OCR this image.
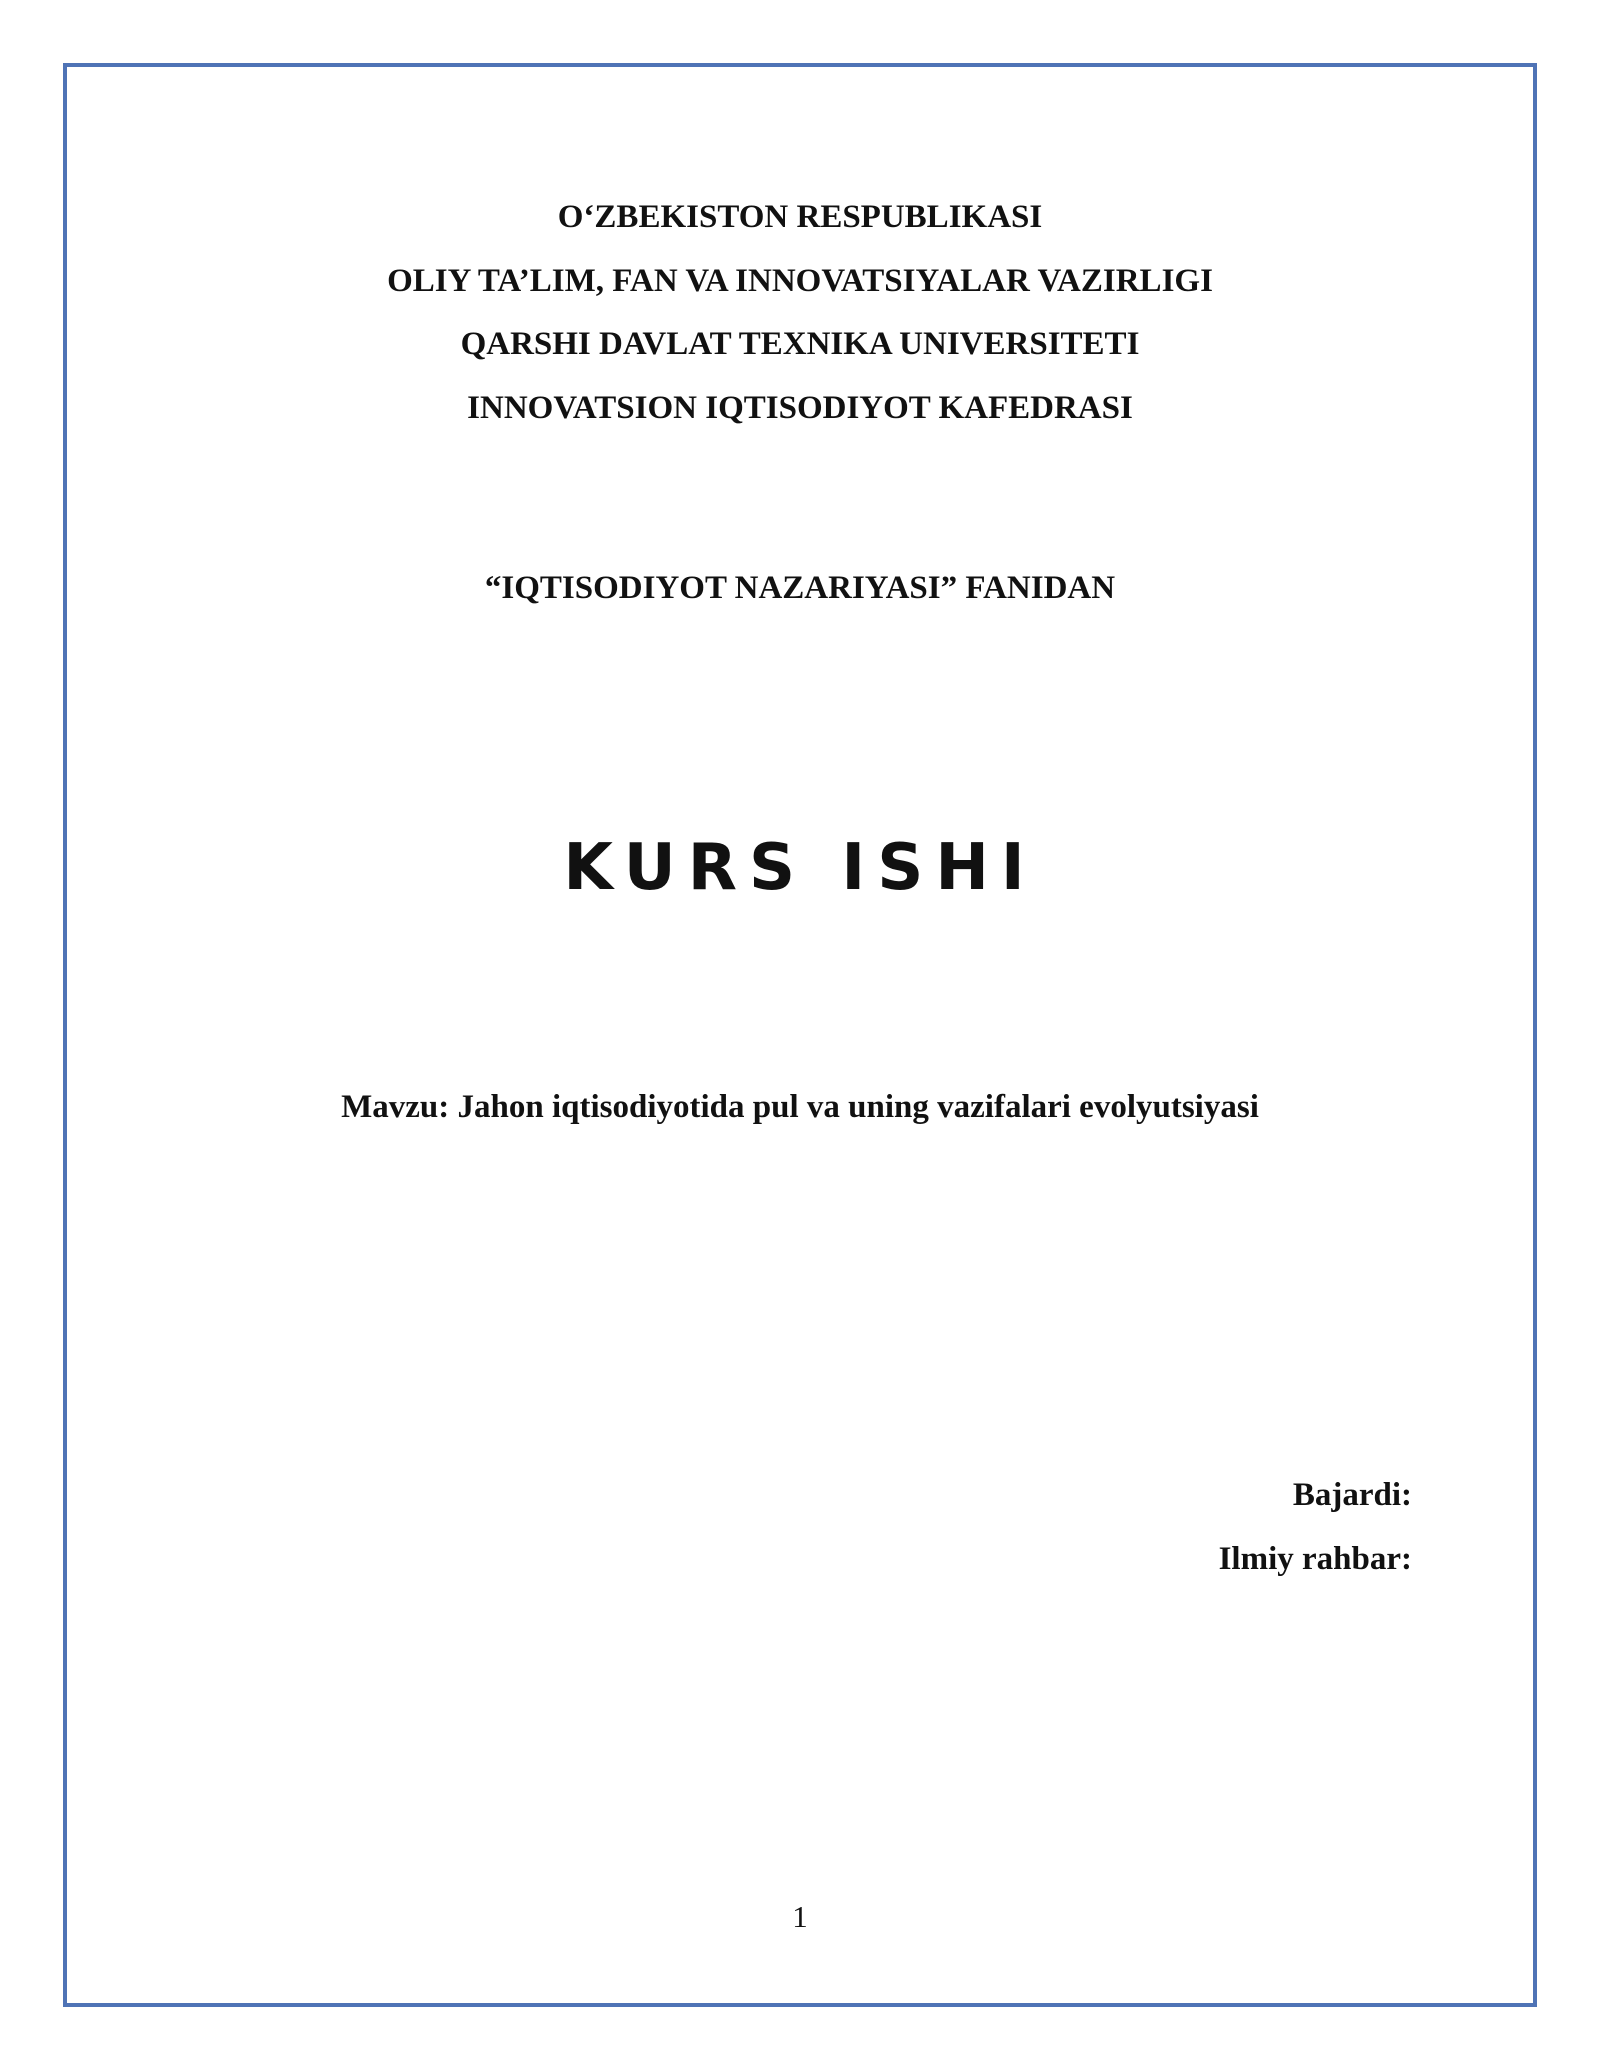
O‘ZBEKISTON RESPUBLIKASI
OLIY TA’LIM, FAN VA INNOVATSIYALAR VAZIRLIGI
QARSHI DAVLAT TEXNIKA UNIVERSITETI
INNOVATSION IQTISODIYOT KAFEDRASI
“IQTISODIYOT NAZARIYASI” FANIDAN
KURS ISHI
Mavzu: Jahon iqtisodiyotida pul va uning vazifalari evolyutsiyasi
Bajardi:
Ilmiy rahbar:
1
